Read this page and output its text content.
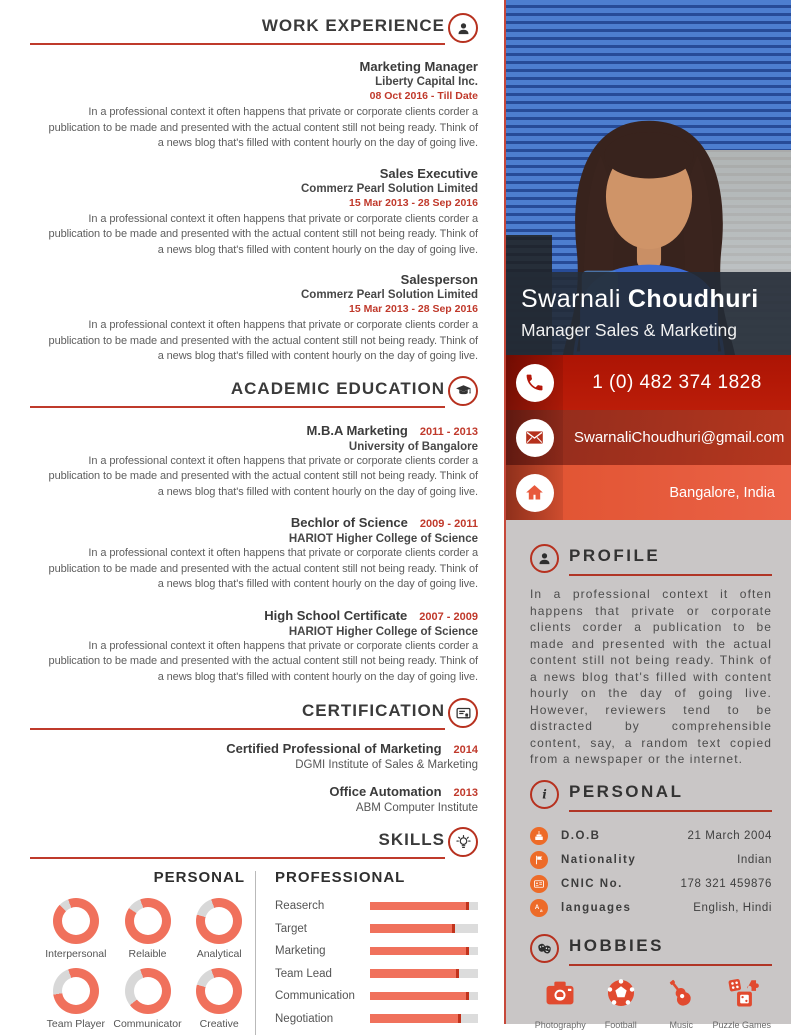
WORK EXPERIENCE
Marketing Manager
Liberty Capital Inc.
08 Oct 2016 - Till Date

In a professional context it often happens that private or corporate clients corder a publication to be made and presented with the actual content still not being ready. Think of a news blog that's filled with content hourly on the day of going live.

Sales Executive
Commerz Pearl Solution Limited
15 Mar 2013 - 28 Sep 2016

In a professional context it often happens that private or corporate clients corder a publication to be made and presented with the actual content still not being ready. Think of a news blog that's filled with content hourly on the day of going live.

Salesperson
Commerz Pearl Solution Limited
15 Mar 2013 - 28 Sep 2016

In a professional context it often happens that private or corporate clients corder a publication to be made and presented with the actual content still not being ready. Think of a news blog that's filled with content hourly on the day of going live.

ACADEMIC EDUCATION
M.B.A Marketing 2011 - 2013
University of Bangalore

In a professional context it often happens that private or corporate clients corder a publication to be made and presented with the actual content still not being ready. Think of a news blog that's filled with content hourly on the day of going live.

Bechlor of Science 2009 - 2011
HARIOT Higher College of Science

In a professional context it often happens that private or corporate clients corder a publication to be made and presented with the actual content still not being ready. Think of a news blog that's filled with content hourly on the day of going live.

High School Certificate 2007 - 2009
HARIOT Higher College of Science

In a professional context it often happens that private or corporate clients corder a publication to be made and presented with the actual content still not being ready. Think of a news blog that's filled with content hourly on the day of going live.

CERTIFICATION
Certified Professional of Marketing 2014
DGMI Institute of Sales & Marketing
Office Automation 2013
ABM Computer Institute
SKILLS
PERSONAL
Interpersonal Relaible	Analytical
Team Player Communicator Creative
PROFESSIONAL
Reaserch
Target
Marketing
Team Lead
Communication
Negotiation
Swarnali Choudhuri
Manager Sales & Marketing
1 (0) 482 374 1828
SwarnaliChoudhuri@gmail.com
Bangalore, India
PROFILE

In a professional context it often happens that private or corporate clients corder a publication to be made and presented with the actual content still not being ready. Think of a news blog that's filled with content hourly on the day of going live. However, reviewers tend to be distracted by comprehensible content, say, a random text copied from a newspaper or the internet.

i PERSONAL
D.O.B	21 March 2004
Nationality	Indian
CNIC No.	178 321 459876
A a languages	English, Hindi
HOBBIES
Photography Football	Music Puzzle Games
